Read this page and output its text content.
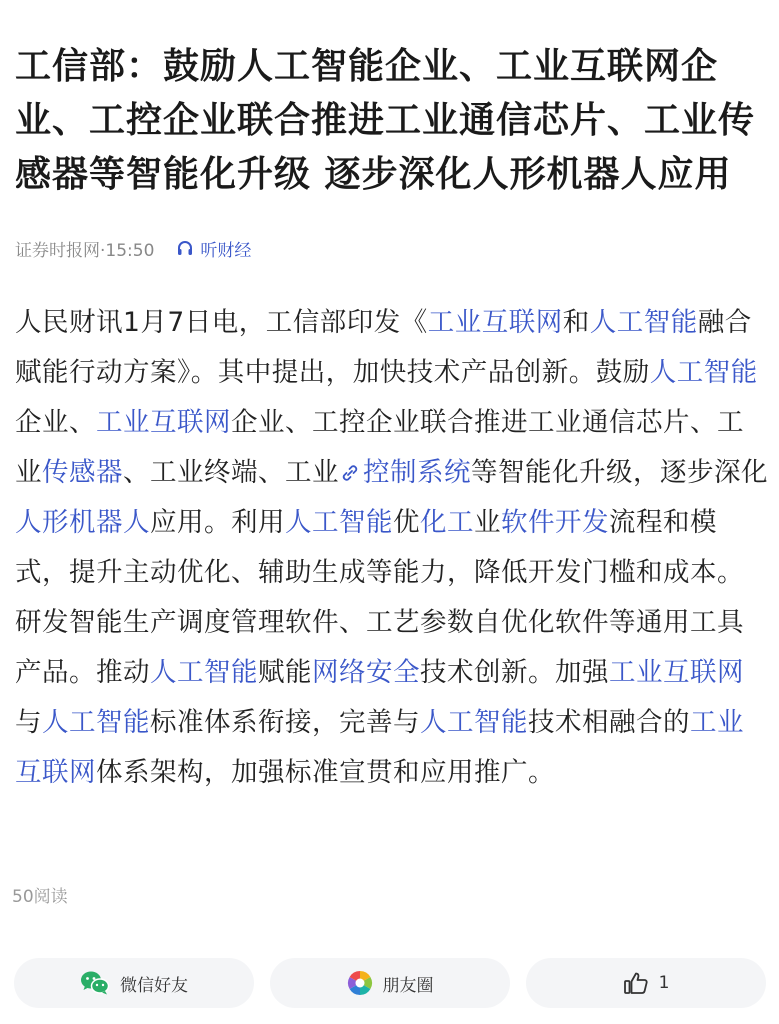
工信部：鼓励人工智能企业、工业互联网企业、工控企业联合推进工业通信芯片、工业传感器等智能化升级 逐步深化人形机器人应用
证券时报网·15:50	听财经

人民财讯1月7日电，工信部印发《工业互联网和人工智能融合赋能行动方案》。其中提出，加快技术产品创新。鼓励人工智能企业、工业互联网企业、工控企业联合推进工业通信芯片、工业传感器、工业终端、工业 控制系统等智能化升级，逐步深化人形机器人应用。利用人工智能优化工业软件开发流程和模式，提升主动优化、辅助生成等能力，降低开发门槛和成本。研发智能生产调度管理软件、工艺参数自优化软件等通用工具产品。推动人工智能赋能网络安全技术创新。加强工业互联网与人工智能标准体系衔接，完善与人工智能技术相融合的工业互联网体系架构，加强标准宣贯和应用推广。

50阅读
微信好友	朋友圈	1
